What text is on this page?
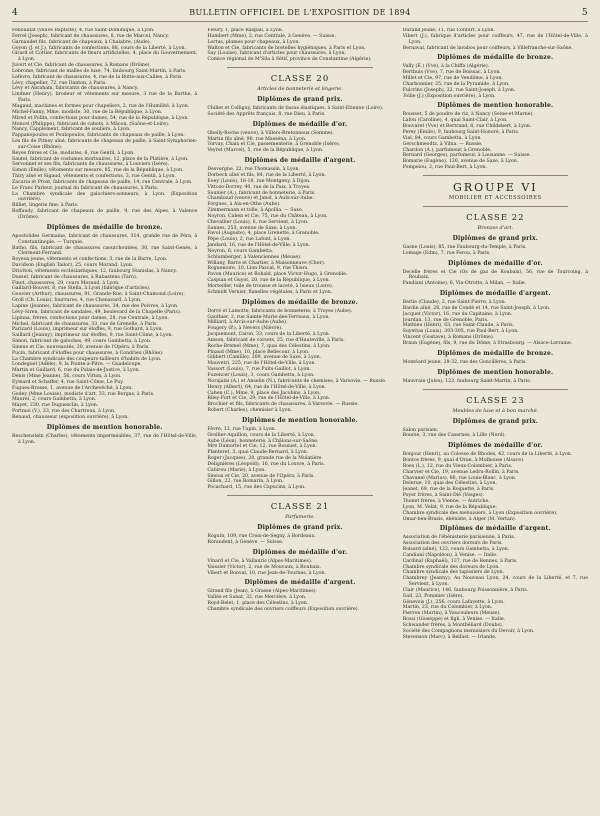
4	BULLETIN OFFICIEL DE L'EXPOSITION DE 1894	5

Fenouillat (veuve Baptiste), 4, rue Saint-Dominique, à Lyon.

Ferrel (Joseph), fabricant de chaussures, 8, rue de Marcel, Nancy.

Garnaudet fils, fabricant de chapeaux, à Chalabre, (Aude).

Goyon (J. et J.), fabricants de confections, 88, cours de la Liberté, à Lyon.

Girard et Cottier, fabricants de fleurs artificielles, 4, place du Gouvernement, à Lyon.

Juvert et Cie, fabricant de chaussures, à Romans (Drôme).

Lebrome, fabricant de malles de luxe, 74, faubourg Saint-Martin, à Paris.

Lefèvre, fabricant de chaussures, 4, rue de la Butte-aux-Cailles, à Paris.

Lévy, chapelier, 72, rue Danton, à Paris.

Lévy et Abraham, fabricants de chaussures, à Nancy.

Lindner (Henry), brodeur et vêtements sur mesure, 3 rue de la Barthe, à Paris.

Magaud, machines et formes pour chapeliers, 2, rue de l'Humilité, à Lyon.

Michel-Fanny, Mme, modiste, 30, rue de la République, à Lyon.

Mired et Pollin, confections pour dames, 54, rue de la République, à Lyon.

Moncel (Philippe), fabricant de cahots, à Mâcon, (Saône-et-Loire).

Nancy, Capplement, fabricant de souliers, à Lyon.

Pappanopoulos et Poulopoulos, fabricants de chapeaux de paille, à Lyon.

Les fils de Pitney aîné, fabricants de chapeaux de paille, à Saint-Symphorien-sur-Coise (Rhône).

Reyes frères et Cie, modistes, 6, rue Gentil, à Lyon.

Sautel, fabricant de costumes mortuaires, 12, place de la Platière, à Lyon.

Servonnet et ses fils, fabricants de chaussures, à Louviers (Isère).

Simon (Emile), vêtements sur mesure, 85, rue de la République, à Lyon.

Thiry aîné et Sigaud, vêtements et confections, 3, rue Gentil, à Lyon.

Zacaria et Prost, fabricants de chapeaux de paille, 14, rue Centrale, à Lyon.

Le Franc Parleur, journal du fabricant de chaussures, à Paris.

La Chambre syndicale des galochiers-sonneurs, à Lyon. (Exposition ouvrière).

Billiet, lingerie fine, à Paris.

Boffaudy, fabricant de chapeaux de paille, 9, rue des Alpes, à Valence (Drôme).

Diplômes de médaille de bronze.

Apostolides Germaine, fabricant de chaussures, 314, grande rue de Péra, à Constantinople. — Turquie.

Batho, fils, fabricant de chaussures caoutchoutées, 30, rue Saint-Genès, à Clermont-Ferrand.

Boyeux jeune, vêtements et confections, 3, rue de la Barre, Lyon.

Davidson (English Tailor), 25, cours Morand, Lyon.

Driotton, vêtements ecclésiastiques, 12, faubourg Stanislas, à Nancy.

Dussel, fabricant de chaussures, à Rabastens (Tarn).

Finot, chaussures, 29, cours Morand, à Lyon.

Gaillard-Bouvet, 8, rue Stella, à Lyon (fabrique d'articles).

Gouvier (Arthur), chaussures, 91, Grande-Rue, à Saint-Chamond (Loire).

Groll (Ch. Louis), fourrures, 4, rue Chenavard, à Lyon.

Lapine (Jeanne), fabricant de chaussures, 34, rue des Poivres, à Lyon.

Lévy-Siren, fabricant de sandales, 49, boulevard de la Chapelle (Paris).

Lipinaa, frères, confections pour dames, 28, rue Centrale, à Lyon.

Michel, fabricant de chaussures, 33, rue de Grenelle, à Paris.

Parizard (Louis), imprimeur sur étoffes, 9, rue Gothard, à Lyon.

Saillard (Jeanny), imprimeur sur étoffes, 9, rue Saint-Côme, à Lyon.

Simon, fabricant de galoches, 49, cours Gambetta, à Lyon.

Sineux et Cie, nouveautés, 20, avenue de l'Opéra, à Paris.

Pucin, fabricant d'étoffes pour chaussures, à Condrieu (Rhône).

La Chambre syndicale des coupeurs-tailleurs d'habits de Lyon.

Londeguel (Adèle), 9, la Pointe-à-Pitre. — Guadeloupe.

Martin et Gaillard, 6, rue du Palais-de-Justice, à Lyon.

Denis (Mme Jeanne), 56, cours Vitton, à Lyon.

Eymard et Schaffer, 4, rue Saint-Côme, Le Puy.

Fugues-Brosse, 1, avenue de l'Archevêché, à Lyon.

Godey (Mme Louise), modiste d'art, 33, rue Borgas, à Paris.

Maurel, 2, cours Gambetta, à Lyon.

Mayet, 230, rue Duguesclin, à Lyon.

Portmoi (V.), 23, rue des Chartreux, à Lyon.

Renaud, chausseur (exposition ouvrière), à Lyon.

Diplômes de mention honorable.

Beschenstein (Charles), vêtements imperméables, 37, rue de l'Hôtel-de-Ville, à Lyon.

Fleury, 1, place Raspail, à Lyon.

Humbert (Mme), 2, rue Centrale, à Genève. — Suisse.

Lortus, plumes pour chapeaux, à Lyon.

Walton et Cie, fabricants de bretelles hygiéniques, à Paris et Lyon.

Say (Louise), fabricant d'articles pour chaussures, à Lyon.

Comice régional de M'Sila à Sétif, province de Constantine (Algérie).

CLASSE 20
Articles de bonneterie et lingerie.
Diplômes de grand prix.

Chillet et Colliguy, fabricants de tissus élastiques, à Saint-Etienne (Loire).

Société des Apprêts français, 8, rue Dieu, à Paris.

Diplômes de médaille d'or.

Obelly-Roche (veuve), à Villers-Bretonneux (Somme).

Martin fils aîné, 90, rue Masséna, à Lyon.

Torvay, Chaix et Cie, passementerie, à Grenoble (Isère).

Veyret (Marcel), 5, rue de la République, à Lyon.

Diplômes de médaille d'argent.

Desvergne, 22, rue Thomassin, à Lyon.

Dorbech aîné et fils, 84, rue de la Liberté, à Lyon.

Eoey (Louis), 16-18, rue Montgeny, à Dijon.

Vittoze-Dorrey, 40, rue de la Paix, à Troyes.

Saunier (A.), fabricant de bonneterie, à Paris.

Chambaud (veuve) et Janol, à Aulx-sur-Aube.

Forgues, à Aix-en-Othe (Aube).

Zimmermann et tolle, à Apollia. — Saxe.

Noyron, Cahen et Cie, 75, rue du Château, à Lyon.

Chevallier (Louis), 6, rue Servient, à Lyon.

Sannes, 253, avenue de Saxe, à Lyon.

Favol (Auguste), 4, place Grenette, à Grenoble.

Pépe (Louis), 2, rue Lafont, à Lyon.

Jandard, 16, rue de l'Hôtel-de-Ville, à Lyon.

Neyron, 6, cours Gambetta.

Schlumberger, à Valenciennes (Meuse).

Willany, Barre et Chartier, à Maisonneuve (Cher).

Roguenoire, 10, Lion Pascal, 9, rue Thiers.

Pavon (Maurice) et Rohald, place Victor-Hugo, à Grenoble.

Caspian et Guyot, 20, rue de la République, à Lyon.

Morteiller, toile de trousse et laceté, à Isieux (Loire).

Schmidt Vernier, flanelles végétales, à Paris et Lyon.

Diplômes de médaille de bronze.

Dorré et Lamotte, fabricants de bonneterie, à Troyes (Aube).

Gauthier, 3, rue Sainte-Marie-des-Terreaux, à Lyon.

Milliard, à Arcis-sur-Aube (Aube).

Fougery (P.), à Nevers (Nièvre).

Jacquemont, Caron, 33, cours de la Liberté, à Lyon.

Amson, fabricant de corsets, 25, rue d'Hauteville, à Paris.

Roche-Bremel (Mme), 7, quai des Célestins, à Lyon.

Pinaud (Mme), 10, place Bellecour, à Lyon.

Gilibert (Camille), 209, avenue de Saxe, à Lyon.

Mauvetri, 225, rue de l'Hôtel-de-Ville, à Lyon.

Vassort (Louis), 7, rue Puits-Gaillot, à Lyon.

Fuzencer (Louis), 3, cours Gambetta, à Lyon.

Norajalai (A.) et Anselin (N.), fabricants de chemises, à Varsovie. — Russie.

Henry (Albert), 64, rue de l'Hôtel-de-Ville, à Lyon.

Cahen (C.), Mme, 9, place des Jacobins, à Lyon.

Riley-Fort et Cie, 29, rue de l'Hôtel-de-Ville, à Lyon.

Brochier et fils, fabricants de chaussures, à Varsovie. — Russie.

Robert (Charles), chemisier à Lyon.

Diplômes de mention honorable.

Fèvre, 12, rue Tupin, à Lyon.

Grollier-Aquillon, cours de la Liberté, à Lyon.

Aube (Léon), bonneterie, à Châlons-sur-Saône.

Mre Dumortel et Cie, 12, rue Bossuet, à Lyon.

Planteret, 3, quai Claude-Bernard, à Lyon.

Roger (Jacques), 28, grande rue de la Mulatière.

Delignières (Léopold), 16, rue du Louvre, à Paris.

Cabirou (Marie), à Lyon.

Sineux et Cie, 20, avenue de l'Opéra, à Paris.

Gillon, 22, rue Romarin, à Lyon.

Pocachard, 15, rue des Capucins, à Lyon.

CLASSE 21
Parfumerie.
Diplômes de grand prix.

Roguin, 109, rue Croix-de-Segny, à Bordeaux.

Rorandent, à Genève. — Suisse.

Diplômes de médaille d'or.

Vinard et Cie, à Vallauris (Alpes-Maritimes).

Vaissier (Victor), 2, rue de Mouvaux, à Roubaix.

Vibert et Bonval, 10, rue Jean-de-Tournes, à Lyon.

Diplômes de médaille d'argent.

Girand fils (Jean), à Grasse (Alpes-Maritimes).

Vallée et Sanat, 32, rue Mercière, à Lyon.

Royd-Belet, 1, place des Célestins, à Lyon.

Chambre syndicale des ouvriers coiffeurs (Exposition ouvrière).

Durand jeune, 11, rue Confort, à Lyon.

Vibert (J.), fabrique d'articles pour coiffeurs, 47, rue de l'Hôtel-de-Ville, à Lyon.

Bernaval, fabricant de lavabos pour coiffeurs, à Villefranche-sur-Saône.

Diplômes de médaille de bronze.

Vally (E.) (Vve), à la Chiffa (Algérie).

Berthuis (Vve), 7, rue de Boissac, à Lyon.

Millet et Cie, 97, rue de Vendôme, à Lyon.

Charbonnier, 25, rue de la Pyramide, à Lyon.

Fulcrino (Joseph), 32, rue Saint-Joseph, à Lyon.

Tollie (J.) (Exposition ouvrière), à Lyon.

Diplômes de mention honorable.

Rousset, 5 de poudre de riz, à Nancy (Seine-et-Marne).

Lafon (Caroline), 4, quai Saint-Clair, à Lyon.

Bouvaret (Vve) et Bertrand, 8, rue Childebert, à Lyon.

Perey (Emile), 9, faubourg Saint-Honoré, à Paris.

Vial, 84, cours Gambetta, à Lyon.

Gerschmeodtz, à Vilna. — Russie.

Chardon (A.), parfumeur, à Grenoble.

Bernard (Georges), parfumeur, à Lausanne. — Suisse.

Bomarie (Eugène), 130, avenue de Saxe, à Lyon.

Pompeiou, 2, rue Paul-Bert, à Lyon.

GROUPE VI
MOBILIER ET ACCESSOIRES
CLASSE 22
Bronzes d'art.
Diplômes de grand prix.

Gasne (Louis), 85, rue Faubourg-du-Temple, à Paris.

Lomage (Edm), 7, rue Ferou, à Paris.

Diplômes de médaille d'or.

Decelle frères et Cie (Os de gaz de Roubaix), 56, rue de Tourcoing, à Roubaix.

Pandiani (Antoine), 6, Via-Otrotto, à Milan. — Italie.

Diplômes de médaille d'argent.

Berlie (Claude), 2, rue Saint-Pierre, à Lyon.

Bardin aîné, 28, rue de Condé et 14, rue Saint-Joseph, à Lyon.

Jacquet (Victor), 16, rue du Capitaine, à Lyon.

Jourdan, 13, rue de Grenoble, Paris.

Mathieu (Henri), 63, rue Saint-Claude, à Paris.

Suyettas (Louis), 303-305, rue Paul-Bert, à Lyon.

Vincent (Gustave), à Romans (Drôme).

Braun (Eugène), fils, 9, rue du Dôme, à Strasbourg. — Alsace-Lorraine.

Diplômes de médaille de bronze.

Montéard jeune, 28-32, rue des Goncillères, à Paris.

Diplômes de mention honorable.

Mauvrain (Jules), 122, faubourg Saint-Martin, à Paris.

CLASSE 23
Meubles de luxe et à bon marché.
Diplômes de grand prix.

Salon parisien.

Bourse, 3, rue des Casernes, à Lille (Nord).

Diplômes de médaille d'or.

Bonjour (Henri), au Colosse de Rhodes, 42, cours de la Liberté, à Lyon.

Bontos frères, 9, quai d'Oran, à Mulhouse (Alsace).

Boes (L.), 12, rue du Vieux-Colombier, à Paris.

Charvier et Cie, 19, avenue Ledru-Rollin, à Paris.

Chavanel (Marius), 86, rue Louis-Blanc, à Lyon.

Delerue, 10, quai des Célestins, à Lyon.

Jeanet, 69, rue de la Roquette, à Paris.

Poyer frères, à Saint-Dié (Vosges).

Thonet frères, à Vienne. — Autriche.

Lyon, M. Velat, 9, rue de la République.

Chambre syndicale des menuisiers, à Lyon (Exposition ouvrière).

Omar-ben-Brazis, ébéniste, à Alger (M. Vertan).

Diplômes de médaille d'argent.

Association de l'ébénisterie parisienne, à Paris.

Association des ouvriers doreurs de Paris.

Boisard (aîné), 122, cours Gambetta, à Lyon.

Candiani (Napoléon), à Venise. — Italie.

Cardinal (Raphaël), 137, rue de Rennes, à Paris.

Chambre syndicale des doreurs de Lyon.

Chambre syndicale des tapissiers de Lyon.

Chambrey (Jeanny), Au Nouveau Lyon, 24, cours de la Liberté, et 7, rue Servient, à Lyon.

Clair (Maurice), 146, faubourg Poissonnière, à Paris.

Gall, 23, Pommier (Isère).

Génevois (J.), 256, cours Lafayette, à Lyon.

Martin, 23, rue du Colombier, à Lyon.

Pierron (Martin), à Vaucouleurs (Meuse).

Rossi (Giuseppe) et figli, à Venise. — Italie.

Schwander frères, à Montbéliard (Doubs).

Société des Compagnons menuisiers du Devoir, à Lyon.

Stevenson (Marc), à Belfast. — Irlande.
